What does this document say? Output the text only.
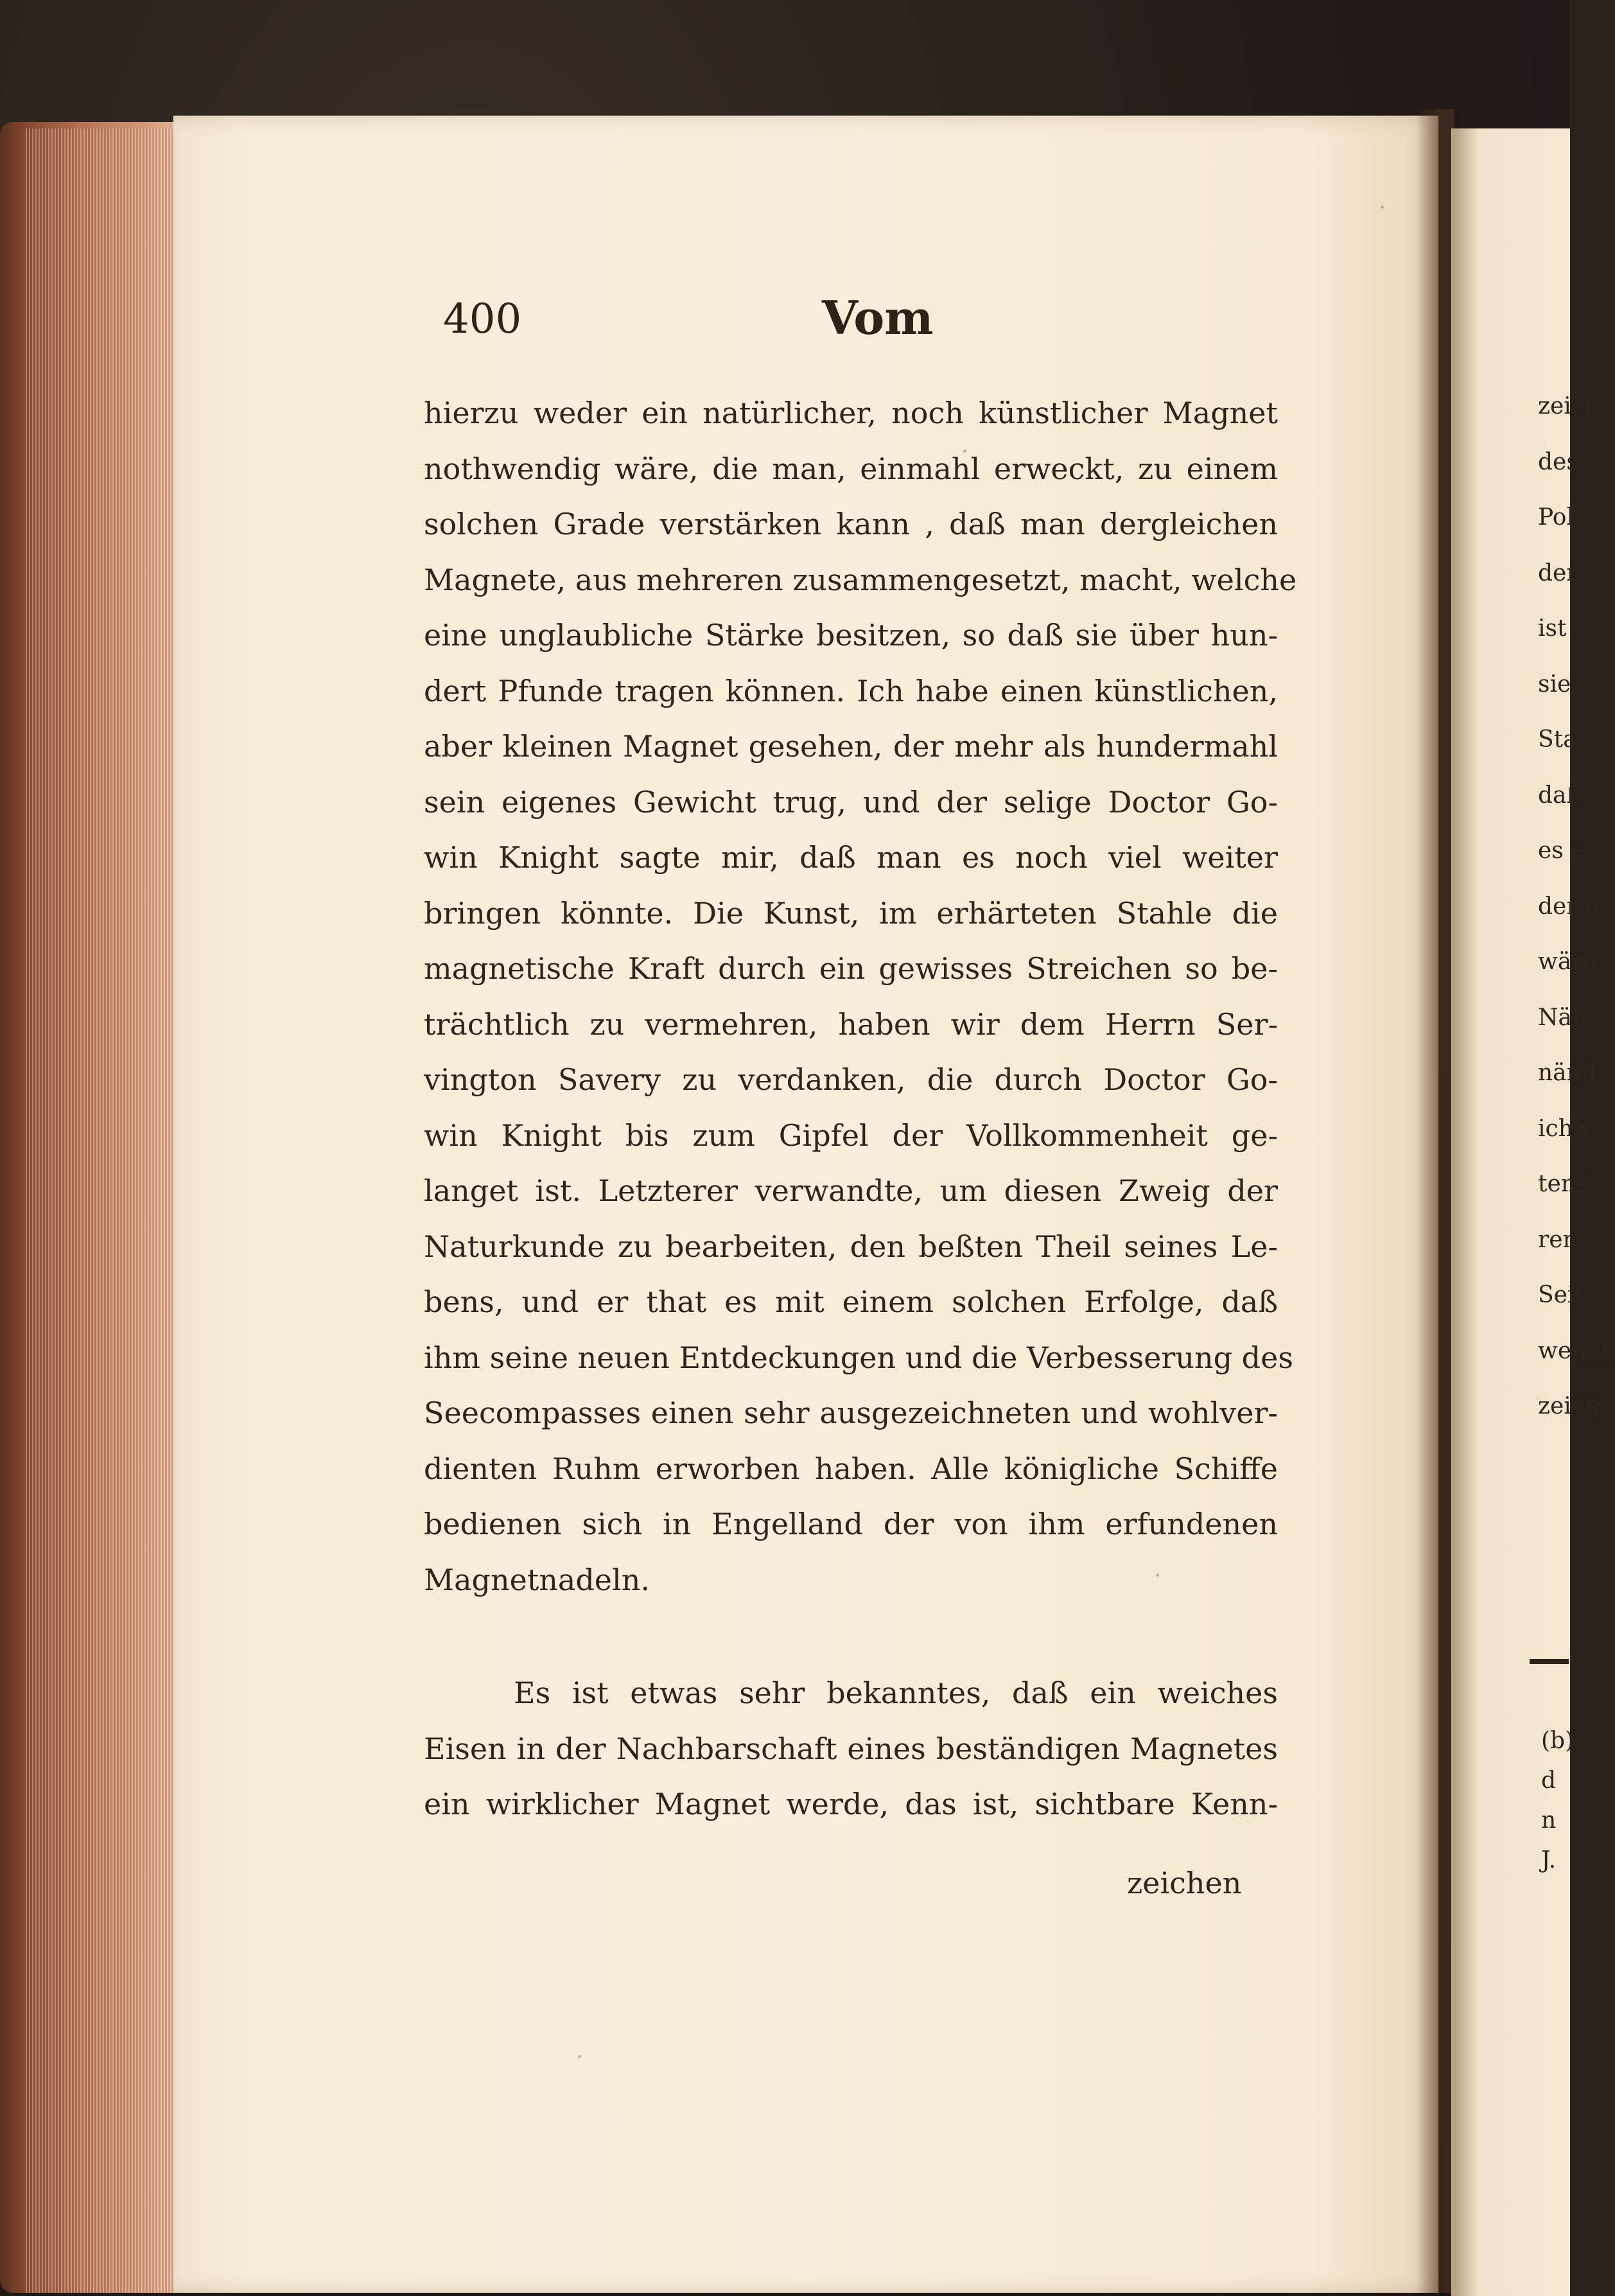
400	Vom
hierzu weder ein natürlicher, noch künstlicher Magnet
nothwendig wäre, die man, einmahl erweckt, zu einem
solchen Grade verstärken kann , daß man dergleichen
Magnete, aus mehreren zusammengesetzt, macht, welche
eine unglaubliche Stärke besitzen, so daß sie über hun-
dert Pfunde tragen können. Ich habe einen künstlichen,
aber kleinen Magnet gesehen, der mehr als hundermahl
sein eigenes Gewicht trug, und der selige Doctor Go-
win Knight sagte mir, daß man es noch viel weiter
bringen könnte. Die Kunst, im erhärteten Stahle die
magnetische Kraft durch ein gewisses Streichen so be-
trächtlich zu vermehren, haben wir dem Herrn Ser-
vington Savery zu verdanken, die durch Doctor Go-
win Knight bis zum Gipfel der Vollkommenheit ge-
langet ist. Letzterer verwandte, um diesen Zweig der
Naturkunde zu bearbeiten, den beßten Theil seines Le-
bens, und er that es mit einem solchen Erfolge, daß
ihm seine neuen Entdeckungen und die Verbesserung des
Seecompasses einen sehr ausgezeichneten und wohlver-
dienten Ruhm erworben haben. Alle königliche Schiffe
bedienen sich in Engelland der von ihm erfundenen
Magnetnadeln.
Es ist etwas sehr bekanntes, daß ein weiches
Eisen in der Nachbarschaft eines beständigen Magnetes
ein wirklicher Magnet werde, das ist, sichtbare Kenn-
zeichen
zeich
des
Pol
den
ist
sie
Sta
daß
es a
der o
wäre,
Nähe
näml
ich v
tenste
ren,
Seite
wende
zeiget
(b)
d
n
J.
